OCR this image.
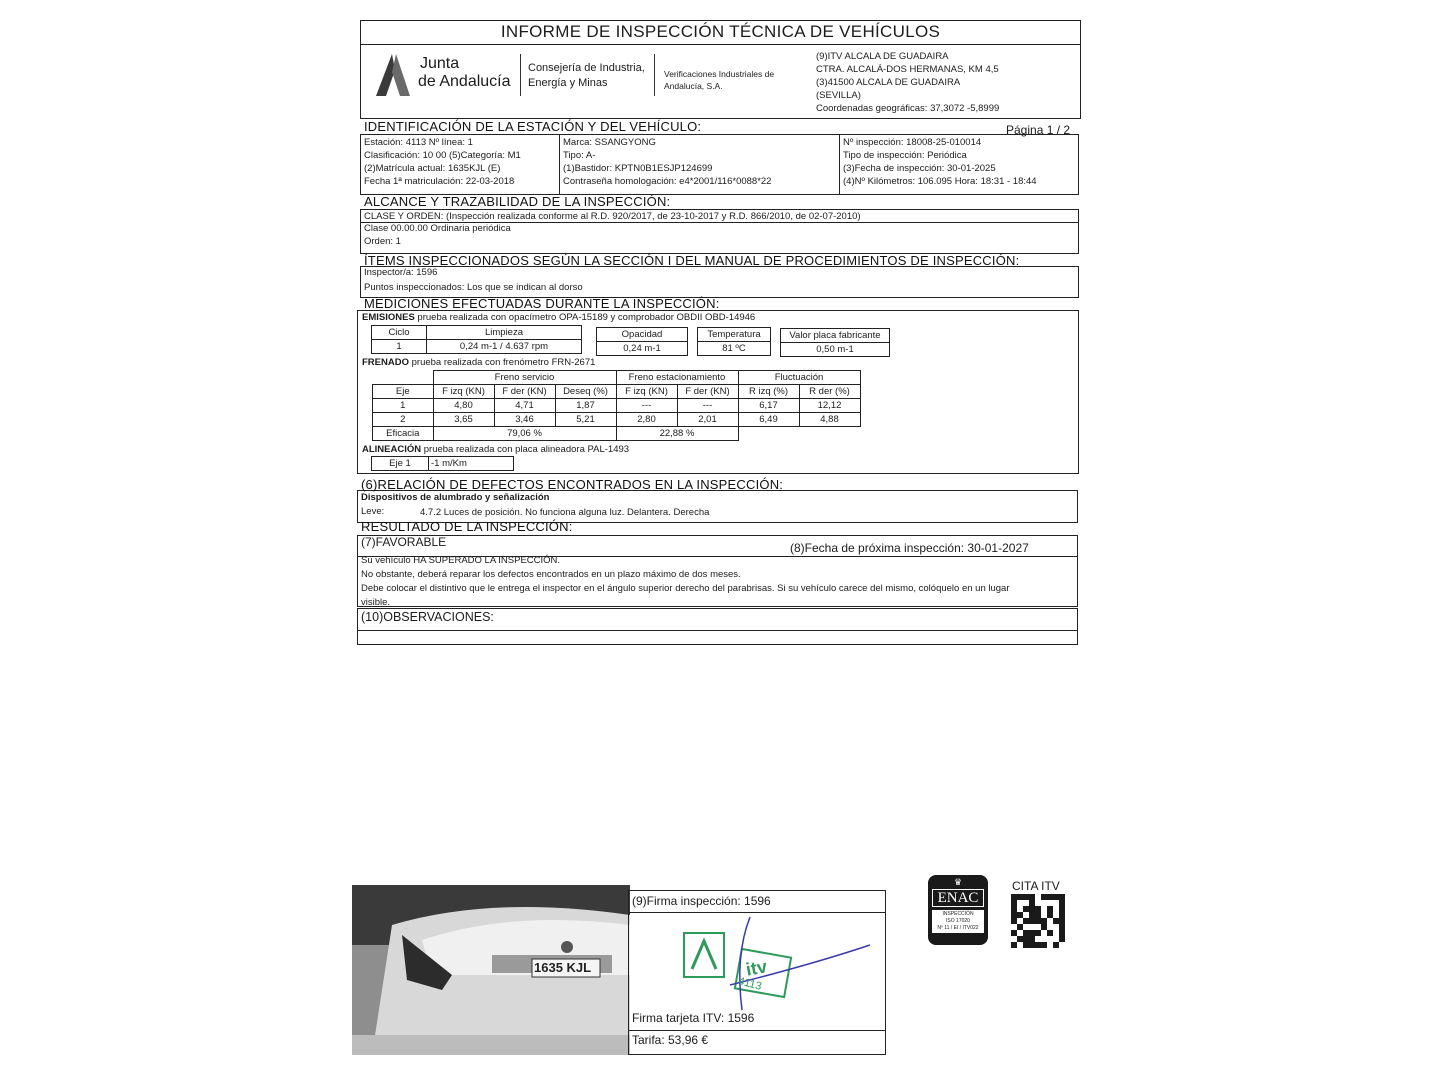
INFORME DE INSPECCIÓN TÉCNICA DE VEHÍCULOS
Junta
de Andalucía
Consejería de Industria,
Energía y Minas
Verificaciones Industriales de
Andalucía, S.A.
(9)ITV ALCALA DE GUADAIRA
CTRA. ALCALÁ-DOS HERMANAS, KM 4,5
(3)41500 ALCALA DE GUADAIRA
(SEVILLA)
Coordenadas geográficas: 37,3072 -5,8999
IDENTIFICACIÓN DE LA ESTACIÓN Y DEL VEHÍCULO:	Página 1 / 2
Estación: 4113 Nº línea: 1
Clasificación: 10 00 (5)Categoría: M1
(2)Matrícula actual: 1635KJL (E)
Fecha 1ª matriculación: 22-03-2018
Marca: SSANGYONG
Tipo: A-
(1)Bastidor: KPTN0B1ESJP124699
Contraseña homologación: e4*2001/116*0088*22
Nº inspección: 18008-25-010014
Tipo de inspección: Periódica
(3)Fecha de inspección: 30-01-2025
(4)Nº Kilómetros: 106.095 Hora: 18:31 - 18:44
ALCANCE Y TRAZABILIDAD DE LA INSPECCIÓN:
CLASE Y ORDEN: (Inspección realizada conforme al R.D. 920/2017, de 23-10-2017 y R.D. 866/2010, de 02-07-2010)
Clase 00.00.00 Ordinaria periódica
Orden: 1
ÍTEMS INSPECCIONADOS SEGÚN LA SECCIÓN I DEL MANUAL DE PROCEDIMIENTOS DE INSPECCIÓN:
Inspector/a: 1596
Puntos inspeccionados: Los que se indican al dorso
MEDICIONES EFECTUADAS DURANTE LA INSPECCIÓN:
EMISIONES prueba realizada con opacímetro OPA-15189 y comprobador OBDII OBD-14946
Ciclo	Limpieza
1	0,24 m-1 / 4.637 rpm
Opacidad
0,24 m-1
Temperatura
81 ºC
Valor placa fabricante
0,50 m-1
FRENADO prueba realizada con frenómetro FRN-2671
	Freno servicio			Freno estacionamiento		Fluctuación	
Eje	F izq (KN)	F der (KN)	Deseq (%)	F izq (KN)	F der (KN)	R izq (%)	R der (%)
1	4,80	4,71	1,87	---	---	6,17	12,12
2	3,65	3,46	5,21	2,80	2,01	6,49	4,88
Eficacia	79,06 %			22,88 %			
ALINEACIÓN prueba realizada con placa alineadora PAL-1493
Eje 1	-1 m/Km
(6)RELACIÓN DE DEFECTOS ENCONTRADOS EN LA INSPECCIÓN:
Dispositivos de alumbrado y señalización
Leve:	4.7.2 Luces de posición. No funciona alguna luz. Delantera. Derecha
RESULTADO DE LA INSPECCIÓN:
(7)FAVORABLE	(8)Fecha de próxima inspección: 30-01-2027
Su vehículo HA SUPERADO LA INSPECCIÓN.
No obstante, deberá reparar los defectos encontrados en un plazo máximo de dos meses.
Debe colocar el distintivo que le entrega el inspector en el ángulo superior derecho del parabrisas. Si su vehículo carece del mismo, colóquelo en un lugar
visible.
(10)OBSERVACIONES:
1635 KJL
(9)Firma inspección: 1596
itv
4113
Firma tarjeta ITV: 1596
Tarifa: 53,96 €
♛
ENAC
INSPECCIÓN
ISO 17020
Nº 11 / EI / ITV022
CITA ITV
